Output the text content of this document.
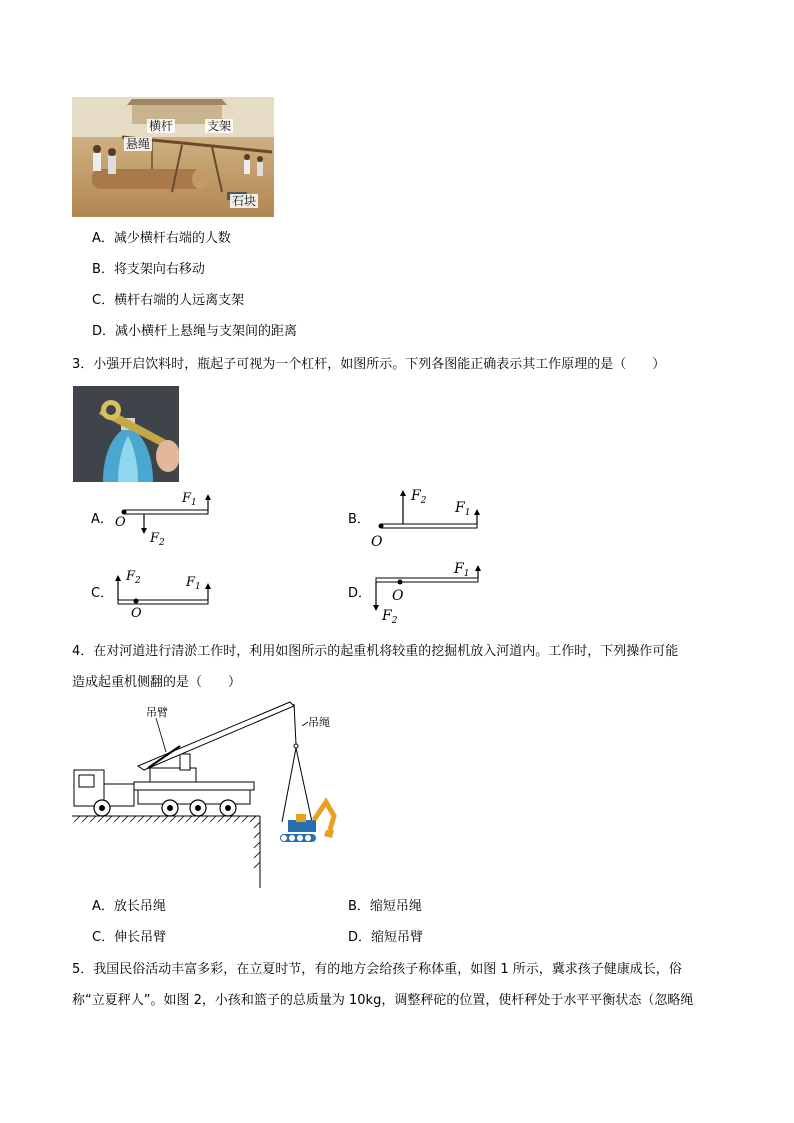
横杆	支架
悬绳
石块
A．减少横杆右端的人数
B．将支架向右移动
C．横杆右端的人远离支架
D．减小横杆上悬绳与支架间的距离
3．小强开启饮料时，瓶起子可视为一个杠杆，如图所示。下列各图能正确表示其工作原理的是（　　）
A．
$F_1$
$F_2$
O	B．
$F_2$ $F_1$
O
C．
$F_2$	$F_1$
O
D．
$F_1$
$F_2$
O
4．在对河道进行清淤工作时，利用如图所示的起重机将较重的挖掘机放入河道内。工作时，下列操作可能
造成起重机侧翻的是（　　）
吊臂
吊绳
A．放长吊绳	B．缩短吊绳
C．伸长吊臂	D．缩短吊臂
5．我国民俗活动丰富多彩，在立夏时节，有的地方会给孩子称体重，如图 1 所示，冀求孩子健康成长，俗
称“立夏秤人”。如图 2，小孩和篮子的总质量为 10kg，调整秤砣的位置，使杆秤处于水平平衡状态（忽略绳
